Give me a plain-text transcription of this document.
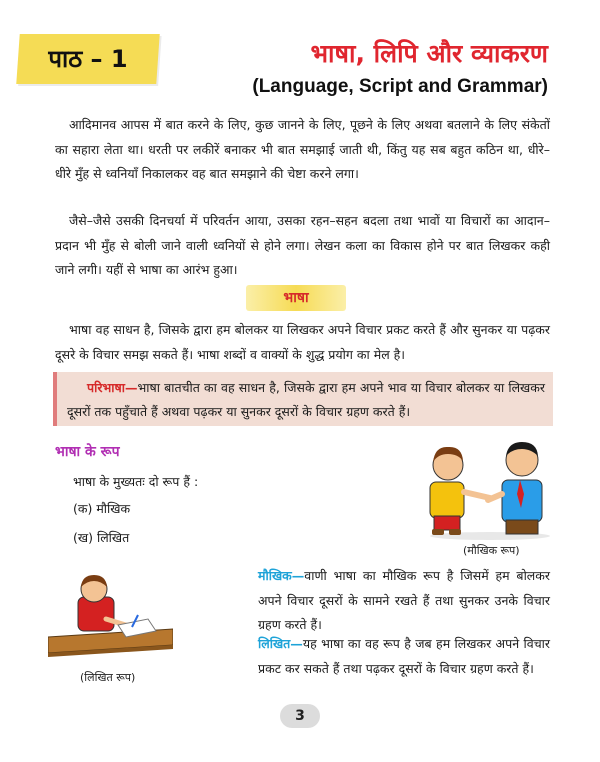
पाठ – 1	भाषा, लिपि और व्याकरण
(Language, Script and Grammar)

आदिमानव आपस में बात करने के लिए, कुछ जानने के लिए, पूछने के लिए अथवा बतलाने के लिए संकेतों का सहारा लेता था। धरती पर लकीरें बनाकर भी बात समझाई जाती थी, किंतु यह सब बहुत कठिन था, धीरे–धीरे मुँह से ध्वनियाँ निकालकर वह बात समझाने की चेष्टा करने लगा।

जैसे–जैसे उसकी दिनचर्या में परिवर्तन आया, उसका रहन–सहन बदला तथा भावों या विचारों का आदान–प्रदान भी मुँह से बोली जाने वाली ध्वनियों से होने लगा। लेखन कला का विकास होने पर बात लिखकर कही जाने लगी। यहीं से भाषा का आरंभ हुआ।

भाषा

भाषा वह साधन है, जिसके द्वारा हम बोलकर या लिखकर अपने विचार प्रकट करते हैं और सुनकर या पढ़कर दूसरे के विचार समझ सकते हैं। भाषा शब्दों व वाक्यों के शुद्ध प्रयोग का मेल है।

परिभाषा—भाषा बातचीत का वह साधन है, जिसके द्वारा हम अपने भाव या विचार बोलकर या लिखकर दूसरों तक पहुँचाते हैं अथवा पढ़कर या सुनकर दूसरों के विचार ग्रहण करते हैं।
भाषा के रूप
भाषा के मुख्यतः दो रूप हैं :
(क) मौखिक
(ख) लिखित
(मौखिक रूप)

मौखिक—वाणी भाषा का मौखिक रूप है जिसमें हम बोलकर अपने विचार दूसरों के सामने रखते हैं तथा सुनकर उनके विचार ग्रहण करते हैं।

लिखित—यह भाषा का वह रूप है जब हम लिखकर अपने विचार प्रकट कर सकते हैं तथा पढ़कर दूसरों के विचार ग्रहण करते हैं।

(लिखित रूप)
3
